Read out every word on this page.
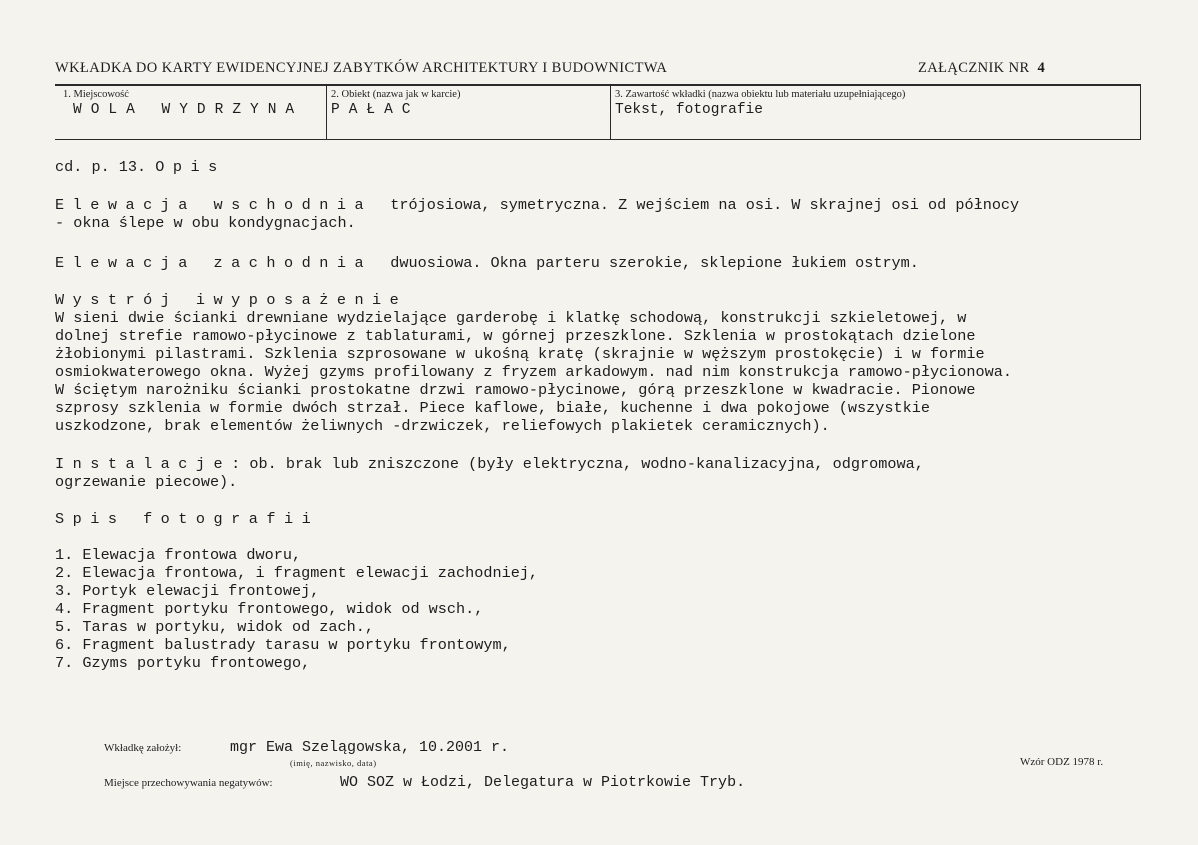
WKŁADKA DO KARTY EWIDENCYJNEJ ZABYTKÓW ARCHITEKTURY I BUDOWNICTWA	ZAŁĄCZNIK NR 4
1. Miejscowość
WOLA WYDRZYNA
2. Obiekt (nazwa jak w karcie)
PAŁAC
3. Zawartość wkładki (nazwa obiektu lub materiału uzupełniającego)
Tekst, fotografie

cd. p. 13. Opis

Elewacja wschodnia  trójosiowa, symetryczna. Z wejściem na osi. W skrajnej osi od północy

- okna ślepe w obu kondygnacjach.

Elewacja zachodnia  dwuosiowa. Okna parteru szerokie, sklepione łukiem ostrym.

Wystrój iwyposażenie

W sieni dwie ścianki drewniane wydzielające garderobę i klatkę schodową, konstrukcji szkieletowej, w

dolnej strefie ramowo-płycinowe z tablaturami, w górnej przeszklone. Szklenia w prostokątach dzielone

żłobionymi pilastrami. Szklenia szprosowane w ukośną kratę (skrajnie w węższym prostokęcie) i w formie

osmiokwaterowego okna. Wyżej gzyms profilowany z fryzem arkadowym. nad nim konstrukcja ramowo-płycionowa.

W ściętym narożniku ścianki prostokatne drzwi ramowo-płycinowe, górą przeszklone w kwadracie. Pionowe

szprosy szklenia w formie dwóch strzał. Piece kaflowe, białe, kuchenne i dwa pokojowe (wszystkie

uszkodzone, brak elementów żeliwnych -drzwiczek, reliefowych plakietek ceramicznych).

Instalacje: ob. brak lub zniszczone (były elektryczna, wodno-kanalizacyjna, odgromowa,

ogrzewanie piecowe).

Spis fotografii

1. Elewacja frontowa dworu,

2. Elewacja frontowa, i fragment elewacji zachodniej,

3. Portyk elewacji frontowej,

4. Fragment portyku frontowego, widok od wsch.,

5. Taras w portyku, widok od zach.,

6. Fragment balustrady tarasu w portyku frontowym,

7. Gzyms portyku frontowego,

Wkładkę założył:	mgr Ewa Szelągowska, 10.2001 r.
(imię, nazwisko, data)
Miejsce przechowywania negatywów:	WO SOZ w Łodzi, Delegatura w Piotrkowie Tryb.
Wzór ODZ 1978 r.
